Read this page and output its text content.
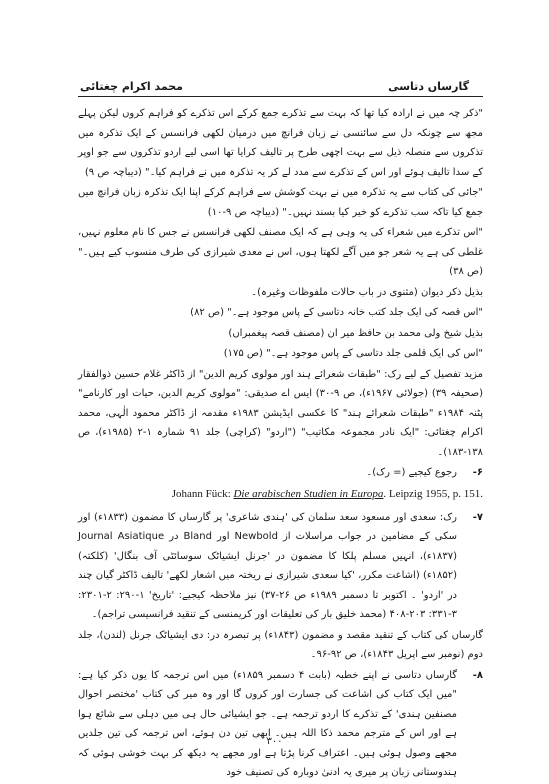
محمد اکرام چغتائی	گارساں دتاسی

"ذکر چہ میں نے ارادہ کیا تھا کہ بہت سے تذکرے جمع کرکے اس تذکرے کو فراہم کروں لیکن پہلے مجھ سے چونکہ دل سے سائنسی نے زبان فرانچ میں درمیان لکھی فرانسس کے ایک تذکرہ میں تذکروں سے منصلہ ذیل سے بہت اچھی طرح پر تالیف کرایا تھا اسی لیے اردو تذکروں سے جو اوپر کے سدا تالیف ہوئے اور اس کے تذکرے سے مدد لے کر یہ تذکرہ میں نے فراہم کیا۔" (دیباچہ ص ۹)

"جائی کی کتاب سے یہ تذکرہ میں نے بہت کوشش سے فراہم کرکے اپنا ایک تذکرہ زبان فرانچ میں جمع کیا تاکہ سب تذکرے کو خیر کیا بسند نہیں۔" (دیباچہ ص ۹-۱۰)

"اس تذکرے میں شعراء کی یہ وہی ہے کہ ایک مصنف لکھی فرانسس نے جس کا نام معلوم نہیں، غلطی کی ہے یہ شعر جو میں آگے لکھتا ہوں، اس نے معدی شیرازی کی طرف منسوب کیے ہیں۔" (ص ۳۸)

بذیل ذکر دیوان (مثنوی در باب حالات ملفوظات وغیرہ)۔

"اس قصہ کی ایک جلد کتب خانہ دتاسی کے پاس موجود ہے۔" (ص ۸۲)

بذیل شیخ ولی محمد بن حافظ میر ان (مصنف قصہ پیغمبراں)

"اس کی ایک قلمی جلد دتاسی کے پاس موجود ہے۔" (ص ۱۷۵)

مزید تفصیل کے لیے رک: "طبقات شعرائے ہند اور مولوی کریم الدین" از ڈاکٹر غلام حسین ذوالفقار (صحیفہ ۳۹) (جولائی ۱۹۶۷ء)، ص ۹-۳۰) ایس اے صدیقی: "مولوی کریم الدین، حیات اور کارنامے" پٹنہ ۱۹۸۴ء "طبقات شعرائے ہند" کا عکسی ایڈیشن ۱۹۸۳ء مقدمہ از ڈاکٹر محمود الٰہی، محمد اکرام چغتائی: "ایک نادر مجموعہ مکاتیب" ("اردو" (کراچی) جلد ۹۱ شمارہ ۱-۲ (۱۹۸۵ء)، ص ۱۳۸-۱۸۳)۔

۶-
رجوع کیجیے (= رک)۔
Johann Fück: Die arabischen Studien in Europa. Leipzig 1955, p. 151.
۷-
رک: سعدی اور مسعود سعد سلمان کی 'ہندی شاعری' پر گارساں کا مضمون (۱۸۳۳ء) اور سکی کے مضامین در جواب مراسلات از Newbold اور Bland در Journal Asiatique (۱۸۳۷ء)، انہیں مسلم پلکا کا مضمون در 'جرنل ایشیاٹک سوسائٹی آف بنگال' (کلکتہ) (۱۸۵۲ء) (اشاعت مکرر، 'کیا سعدی شیرازی نے ریختہ میں اشعار لکھے' تالیف ڈاکٹر گیان چند در 'اردو' ۔ اکتوبر تا دسمبر ۱۹۸۹ء ص ۲۶-۳۷) نیز ملاحظہ کیجیے: 'تاریخ' ۱-۲۹۰: ۲-۲۳۰۱: ۳-۳۳۱: ۲۰۳-۴۰۸ (محمد خلیق بار کی تعلیقات اور کریمنسی کے تنقید فرانسیسی تراجم)۔

گارساں کی کتاب کے تنقید مقصد و مضمون (۱۸۴۳ء) پر تبصرہ در: دی ایشیاٹک جرنل (لندن)، جلد دوم (نومبر سے اپریل ۱۸۴۳ء)، ص ۹۲-۹۶۔

۸-
گارساں دتاسی نے اپنے خطبہ (بابت ۴ دسمبر ۱۸۵۹ء) میں اس ترجمہ کا یوں ذکر کیا ہے: "میں ایک کتاب کی اشاعت کی جسارت اور کروں گا اور وہ میر کی کتاب 'مختصر احوال مصنفین ہندی' کے تذکرے کا اردو ترجمہ ہے۔ جو ایشیائی حال ہی میں دہلی سے شائع ہوا ہے اور اس کے مترجم محمد ذکا اللہ ہیں۔ ابھی تین دن ہوئے، اس ترجمہ کی تین جلدیں مجھے وصول ہوئی ہیں۔ اعتراف کرنا پڑتا ہے اور مجھے یہ دیکھ کر بہت خوشی ہوئی کہ ہندوستانی زبان پر میری یہ ادنیٰ دوبارہ کی تصنیف خود
۳۰۰
